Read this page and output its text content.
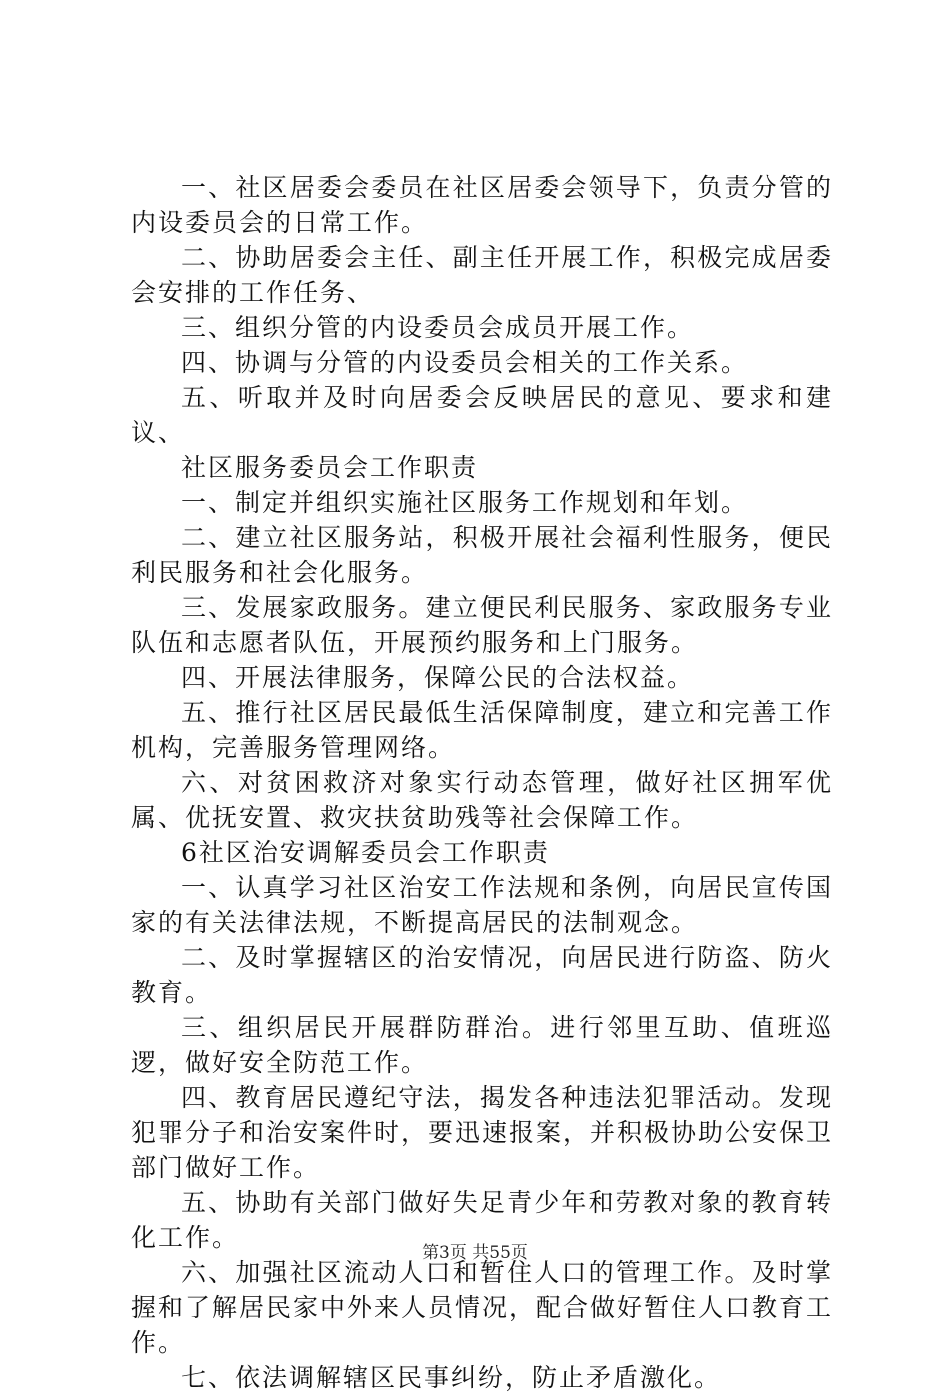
一、社区居委会委员在社区居委会领导下，负责分管的内设委员会的日常工作。

二、协助居委会主任、副主任开展工作，积极完成居委会安排的工作任务、

三、组织分管的内设委员会成员开展工作。

四、协调与分管的内设委员会相关的工作关系。

五、听取并及时向居委会反映居民的意见、要求和建议、

社区服务委员会工作职责

一、制定并组织实施社区服务工作规划和年划。

二、建立社区服务站，积极开展社会福利性服务，便民利民服务和社会化服务。

三、发展家政服务。建立便民利民服务、家政服务专业队伍和志愿者队伍，开展预约服务和上门服务。

四、开展法律服务，保障公民的合法权益。

五、推行社区居民最低生活保障制度，建立和完善工作机构，完善服务管理网络。

六、对贫困救济对象实行动态管理，做好社区拥军优属、优抚安置、救灾扶贫助残等社会保障工作。

6社区治安调解委员会工作职责

一、认真学习社区治安工作法规和条例，向居民宣传国家的有关法律法规，不断提高居民的法制观念。

二、及时掌握辖区的治安情况，向居民进行防盗、防火教育。

三、组织居民开展群防群治。进行邻里互助、值班巡逻，做好安全防范工作。

四、教育居民遵纪守法，揭发各种违法犯罪活动。发现犯罪分子和治安案件时，要迅速报案，并积极协助公安保卫部门做好工作。

五、协助有关部门做好失足青少年和劳教对象的教育转化工作。

六、加强社区流动人口和暂住人口的管理工作。及时掌握和了解居民家中外来人员情况，配合做好暂住人口教育工作。

七、依法调解辖区民事纠纷，防止矛盾激化。

第3页 共55页
